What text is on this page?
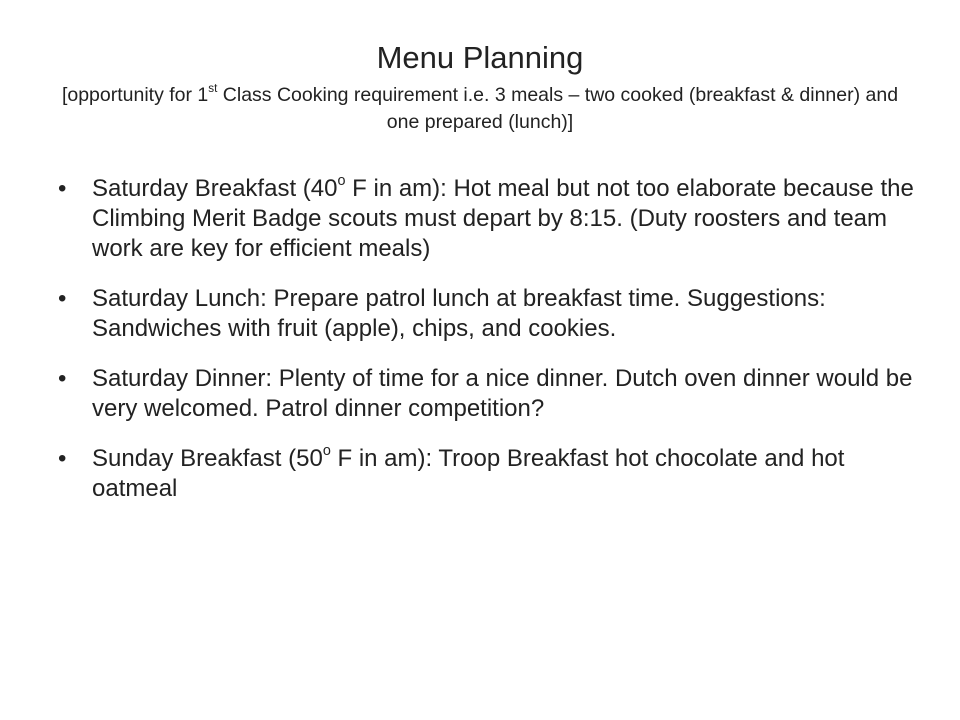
Menu Planning

[opportunity for 1st Class Cooking requirement i.e. 3 meals – two cooked (breakfast & dinner) and one prepared (lunch)]

• Saturday Breakfast (40$^o$ F in am): Hot meal but not too elaborate because the Climbing Merit Badge scouts must depart by 8:15. (Duty roosters and team work are key for efficient meals)
• Saturday Lunch: Prepare patrol lunch at breakfast time. Suggestions: Sandwiches with fruit (apple), chips, and cookies.
• Saturday Dinner: Plenty of time for a nice dinner. Dutch oven dinner would be very welcomed. Patrol dinner competition?
• Sunday Breakfast (50$^o$ F in am): Troop Breakfast hot chocolate and hot oatmeal
